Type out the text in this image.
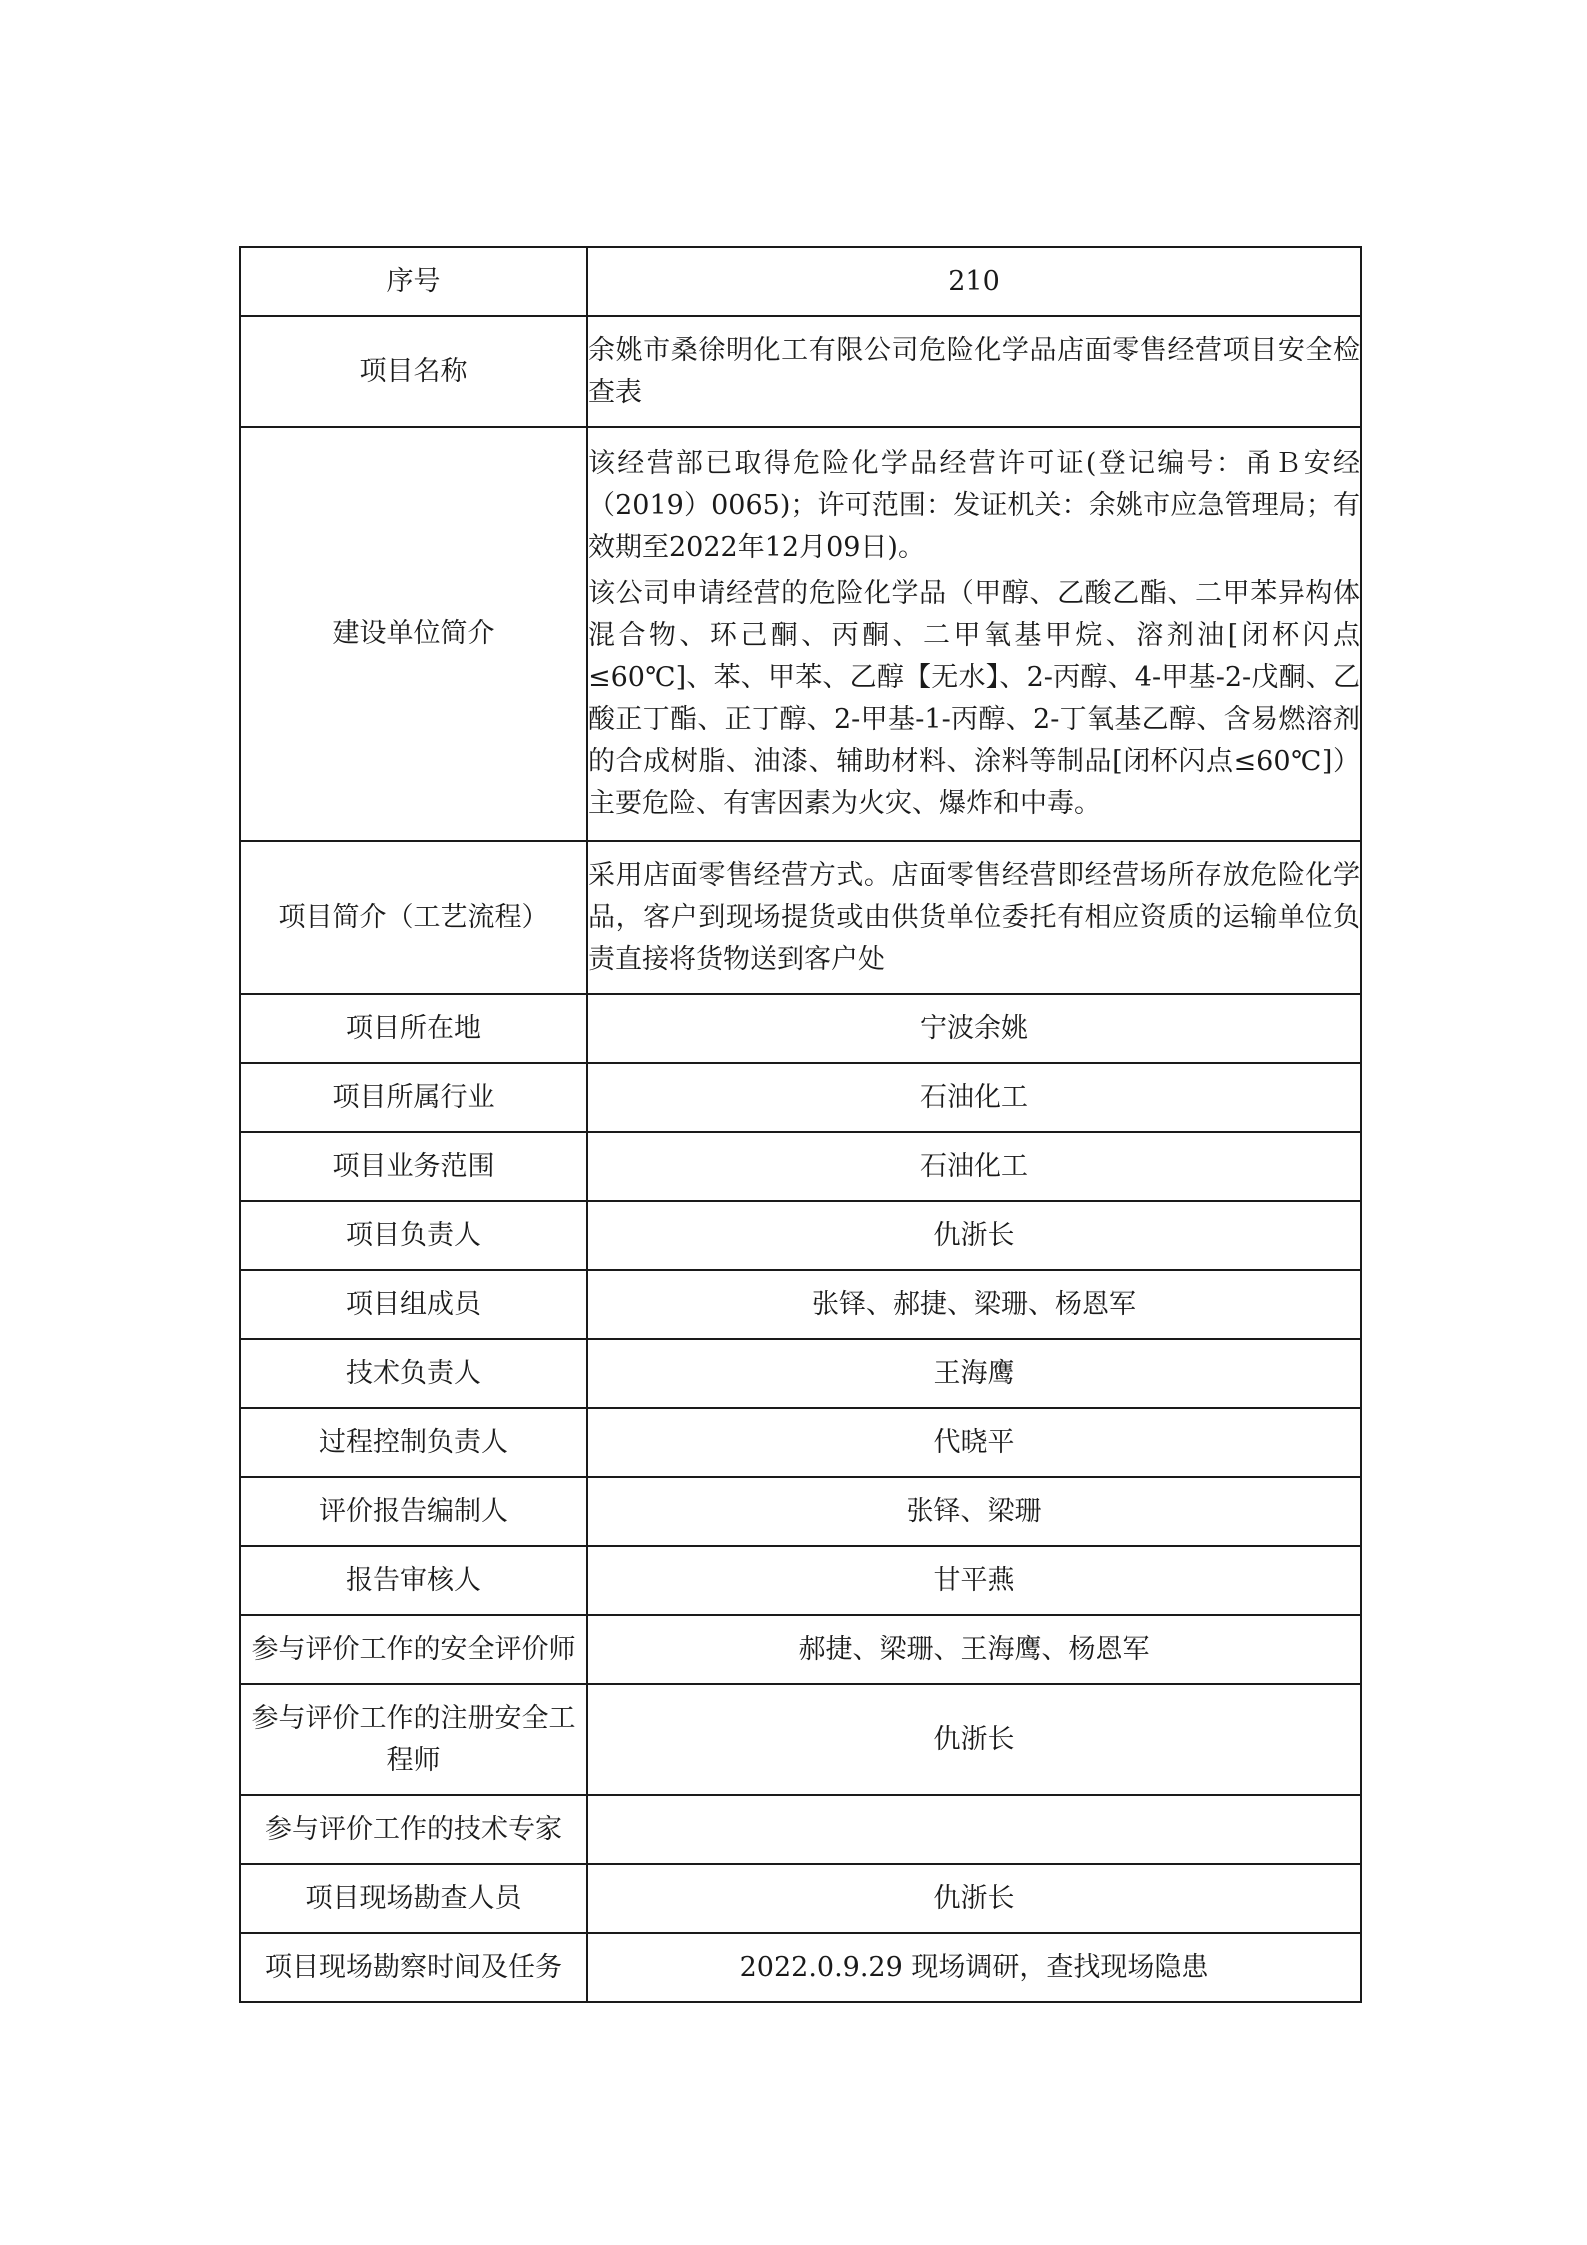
序号	210
项目名称	余姚市桑徐明化工有限公司危险化学品店面零售经营项目安全检查表

建设单位简介	该经营部已取得危险化学品经营许可证(登记编号：甬Ｂ安经（2019）0065)；许可范围：发证机关：余姚市应急管理局；有效期至2022年12月09日)。

该公司申请经营的危险化学品（甲醇、乙酸乙酯、二甲苯异构体混合物、环己酮、丙酮、二甲氧基甲烷、溶剂油[闭杯闪点≤60℃]、苯、甲苯、乙醇【无水】、2-丙醇、4-甲基-2-戊酮、乙酸正丁酯、正丁醇、2-甲基-1-丙醇、2-丁氧基乙醇、含易燃溶剂的合成树脂、油漆、辅助材料、涂料等制品[闭杯闪点≤60℃]）主要危险、有害因素为火灾、爆炸和中毒。

项目简介（工艺流程）	采用店面零售经营方式。店面零售经营即经营场所存放危险化学品，客户到现场提货或由供货单位委托有相应资质的运输单位负责直接将货物送到客户处

项目所在地	宁波余姚
项目所属行业	石油化工
项目业务范围	石油化工
项目负责人	仇浙长
项目组成员	张铎、郝捷、梁珊、杨恩军
技术负责人	王海鹰
过程控制负责人	代晓平
评价报告编制人	张铎、梁珊
报告审核人	甘平燕
参与评价工作的安全评价师	郝捷、梁珊、王海鹰、杨恩军
参与评价工作的注册安全工程师	仇浙长
参与评价工作的技术专家	
项目现场勘查人员	仇浙长
项目现场勘察时间及任务	2022.0.9.29 现场调研，查找现场隐患
